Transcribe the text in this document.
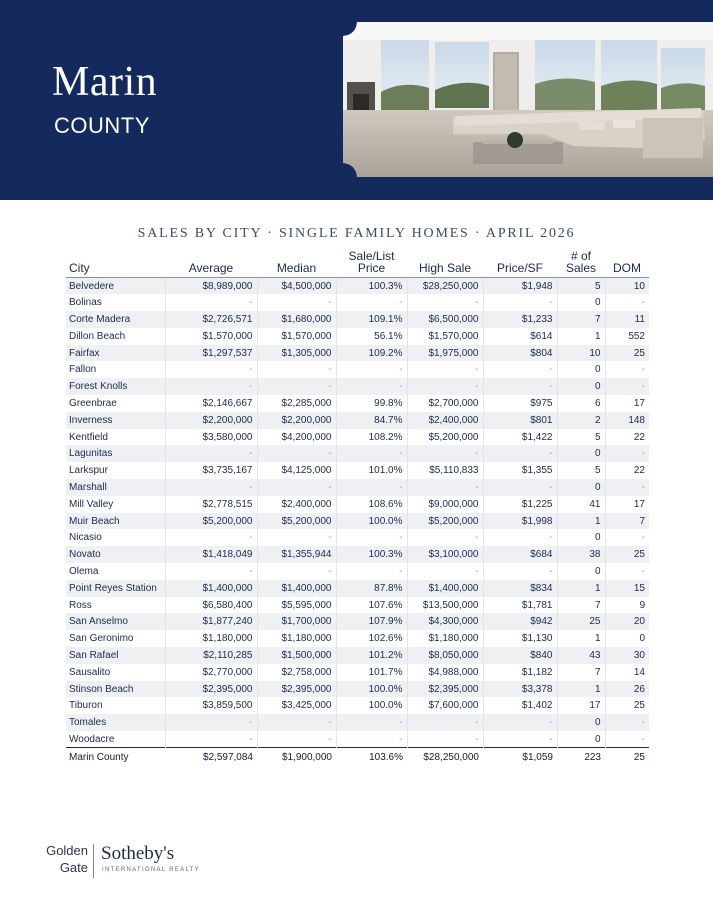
Marin
COUNTY
SALES BY CITY · SINGLE FAMILY HOMES · APRIL 2026
City	Average	Median	Sale/List Price	High Sale	Price/SF	# of Sales	DOM
Belvedere	$8,989,000	$4,500,000	100.3%	$28,250,000	$1,948	5	10
Bolinas	-	-	-	-	-	0	-
Corte Madera	$2,726,571	$1,680,000	109.1%	$6,500,000	$1,233	7	11
Dillon Beach	$1,570,000	$1,570,000	56.1%	$1,570,000	$614	1	552
Fairfax	$1,297,537	$1,305,000	109.2%	$1,975,000	$804	10	25
Fallon	-	-	-	-	-	0	-
Forest Knolls	-	-	-	-	-	0	-
Greenbrae	$2,146,667	$2,285,000	99.8%	$2,700,000	$975	6	17
Inverness	$2,200,000	$2,200,000	84.7%	$2,400,000	$801	2	148
Kentfield	$3,580,000	$4,200,000	108.2%	$5,200,000	$1,422	5	22
Lagunitas	-	-	-	-	-	0	-
Larkspur	$3,735,167	$4,125,000	101.0%	$5,110,833	$1,355	5	22
Marshall	-	-	-	-	-	0	-
Mill Valley	$2,778,515	$2,400,000	108.6%	$9,000,000	$1,225	41	17
Muir Beach	$5,200,000	$5,200,000	100.0%	$5,200,000	$1,998	1	7
Nicasio	-	-	-	-	-	0	-
Novato	$1,418,049	$1,355,944	100.3%	$3,100,000	$684	38	25
Olema	-	-	-	-	-	0	-
Point Reyes Station	$1,400,000	$1,400,000	87.8%	$1,400,000	$834	1	15
Ross	$6,580,400	$5,595,000	107.6%	$13,500,000	$1,781	7	9
San Anselmo	$1,877,240	$1,700,000	107.9%	$4,300,000	$942	25	20
San Geronimo	$1,180,000	$1,180,000	102.6%	$1,180,000	$1,130	1	0
San Rafael	$2,110,285	$1,500,000	101.2%	$8,050,000	$840	43	30
Sausalito	$2,770,000	$2,758,000	101.7%	$4,988,000	$1,182	7	14
Stinson Beach	$2,395,000	$2,395,000	100.0%	$2,395,000	$3,378	1	26
Tiburon	$3,859,500	$3,425,000	100.0%	$7,600,000	$1,402	17	25
Tomales	-	-	-	-	-	0	-
Woodacre	-	-	-	-	-	0	-
Marin County	$2,597,084	$1,900,000	103.6%	$28,250,000	$1,059	223	25
Golden
Gate
Sotheby's
INTERNATIONAL REALTY
